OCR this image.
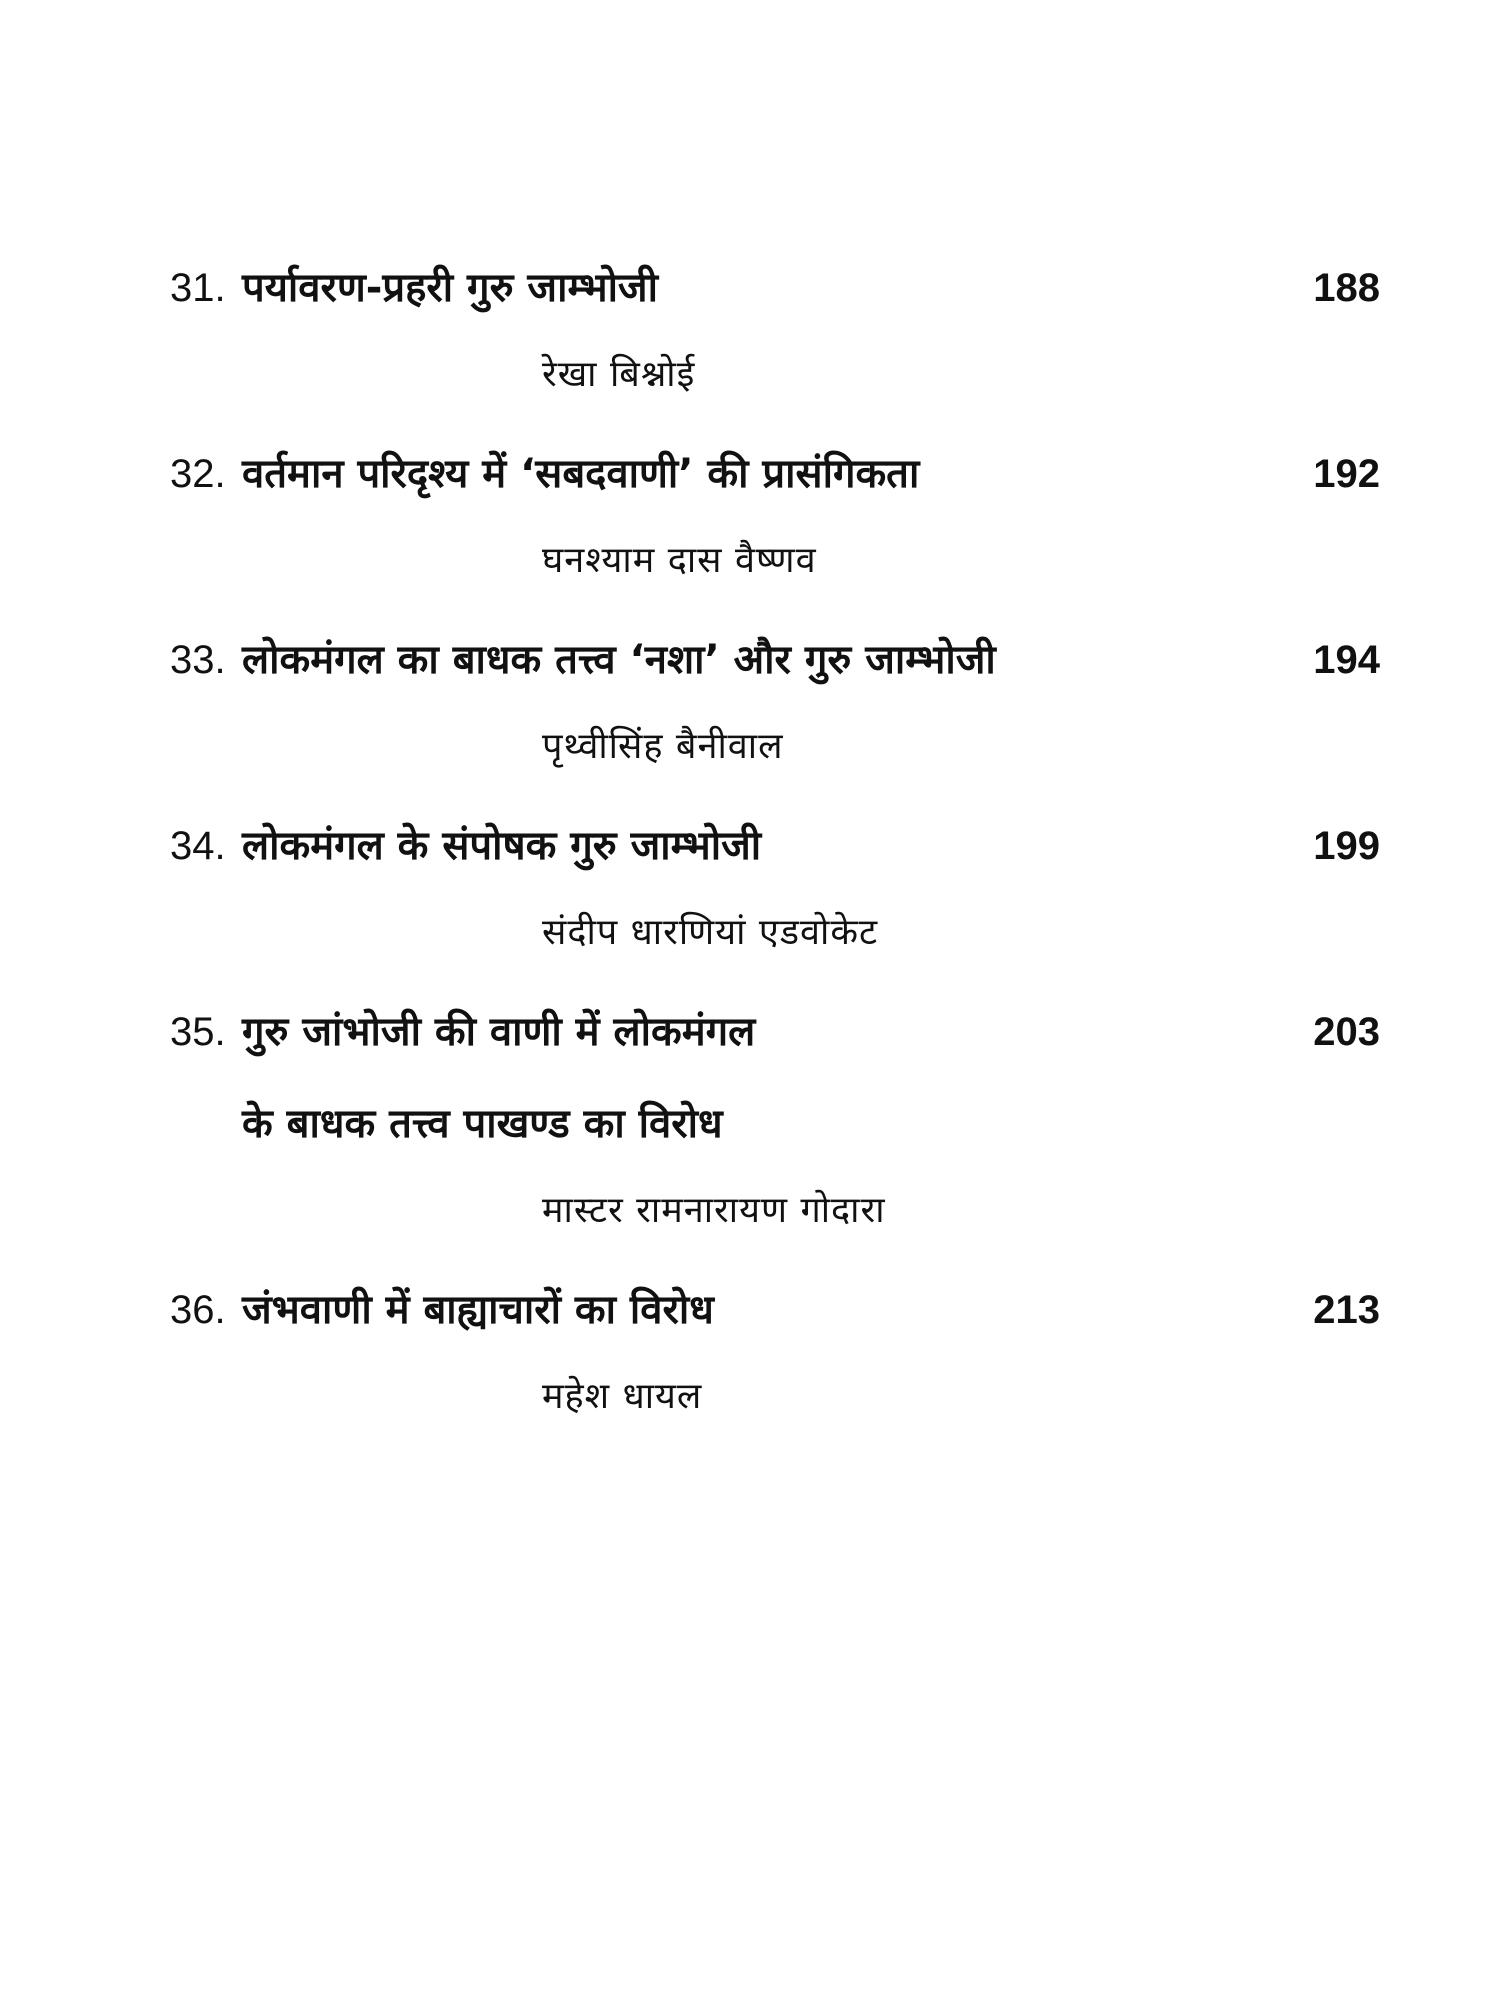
31. पर्यावरण-प्रहरी गुरु जाम्भोजी	188
रेखा बिश्नोई
32. वर्तमान परिदृश्य में ‘सबदवाणी’ की प्रासंगिकता	192
घनश्याम दास वैष्णव
33. लोकमंगल का बाधक तत्त्व ‘नशा’ और गुरु जाम्भोजी	194
पृथ्वीसिंह बैनीवाल
34. लोकमंगल के संपोषक गुरु जाम्भोजी	199
संदीप धारणियां एडवोकेट
35. गुरु जांभोजी की वाणी में लोकमंगल	203
के बाधक तत्त्व पाखण्ड का विरोध
मास्टर रामनारायण गोदारा
36. जंभवाणी में बाह्याचारों का विरोध	213
महेश धायल
